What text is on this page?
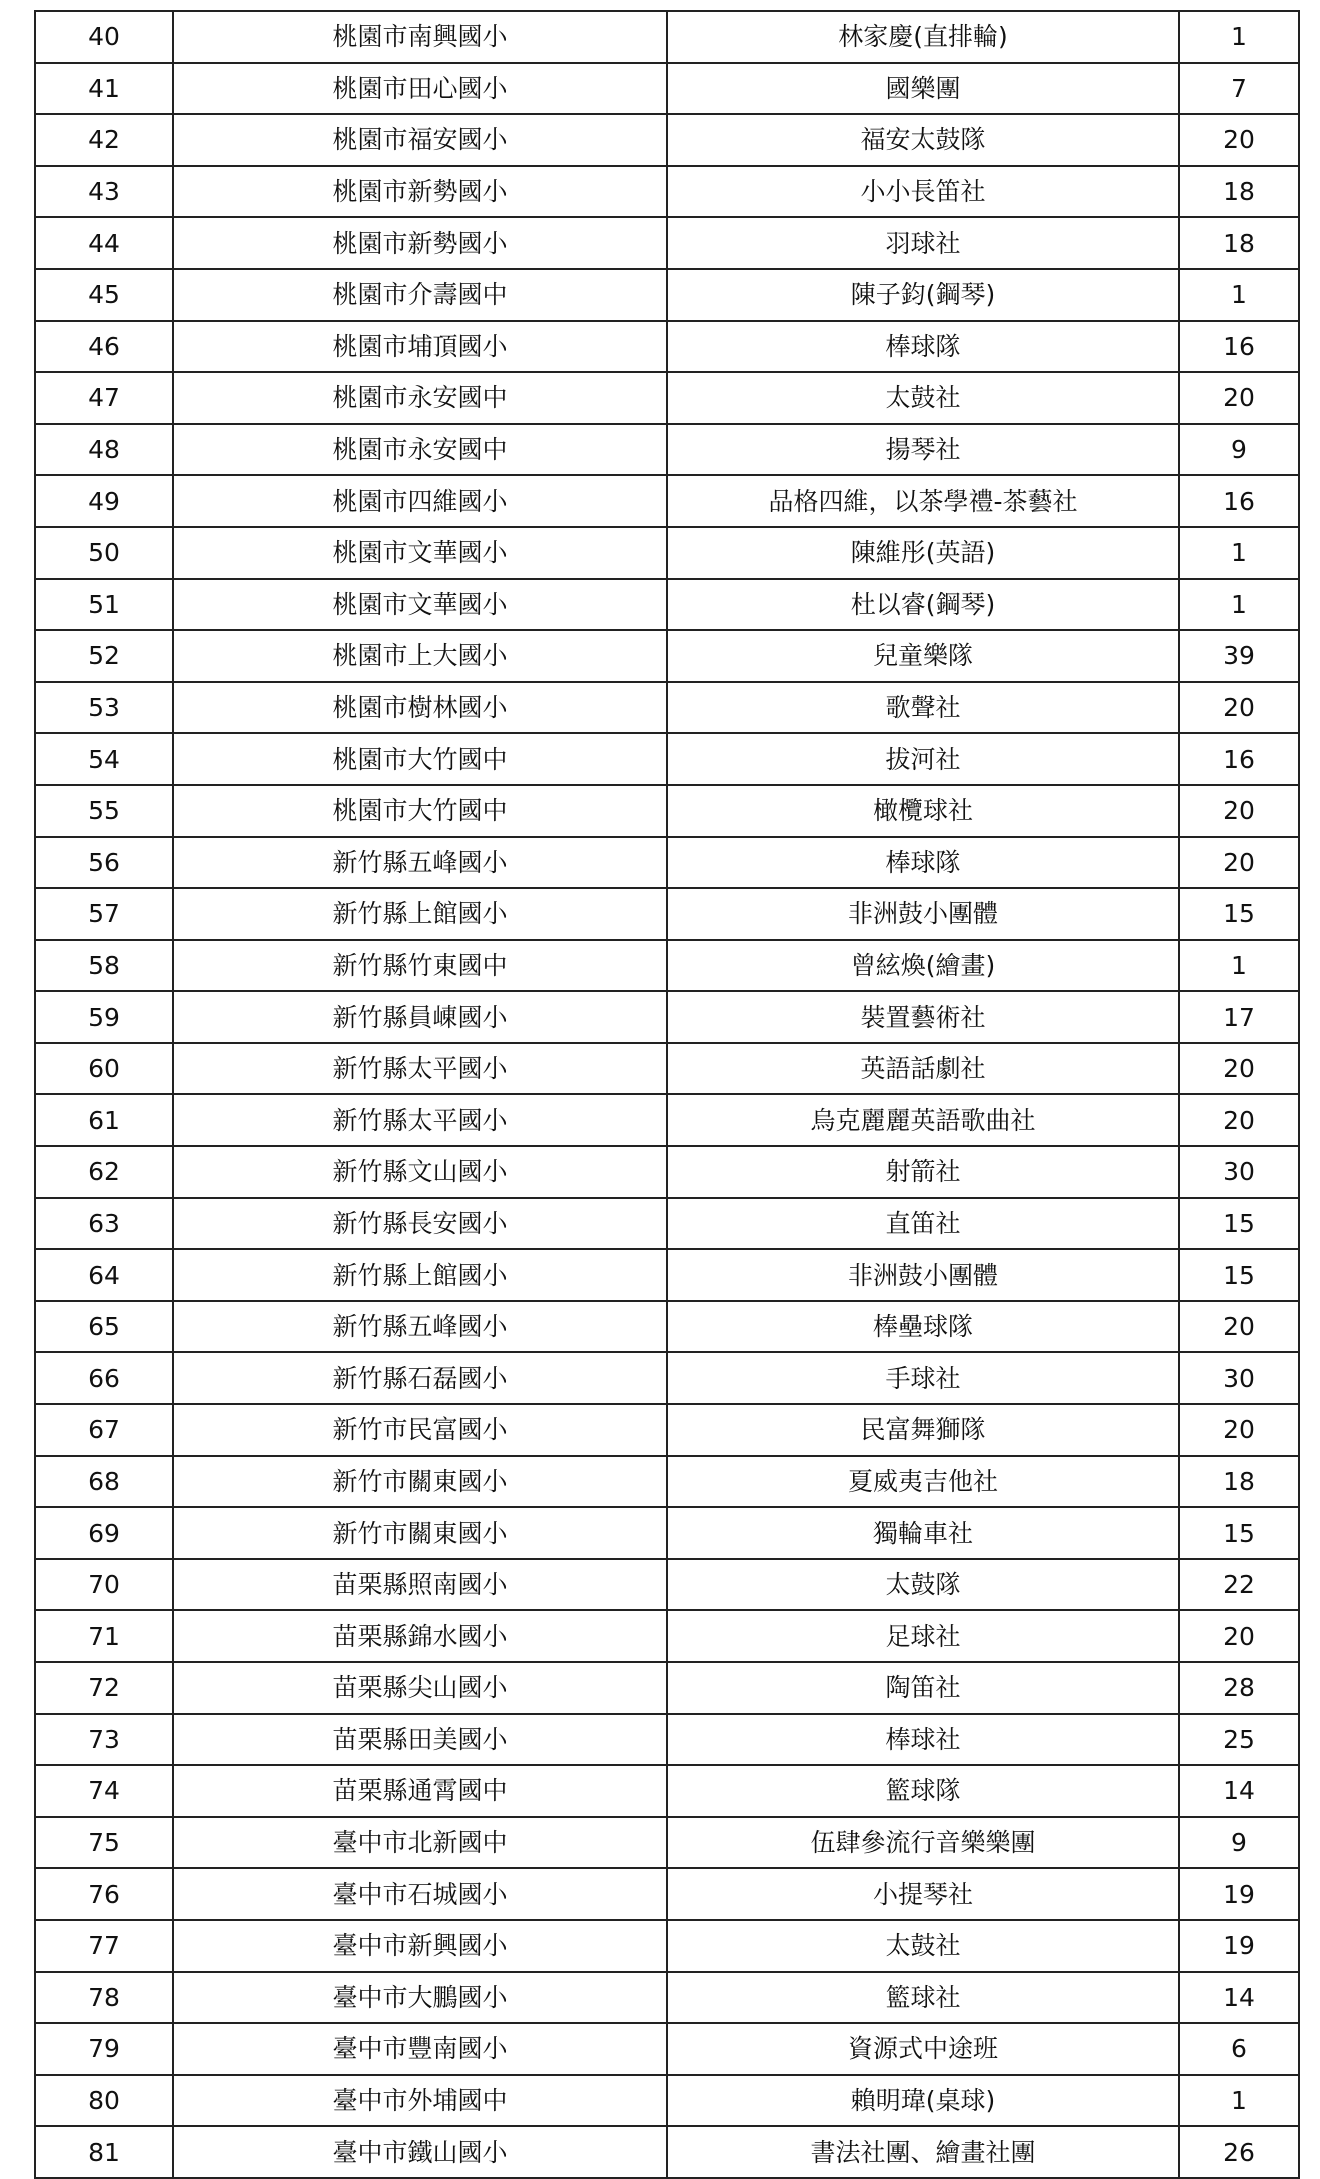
40	桃園市南興國小	林家慶(直排輪)	1
41	桃園市田心國小	國樂團	7
42	桃園市福安國小	福安太鼓隊	20
43	桃園市新勢國小	小小長笛社	18
44	桃園市新勢國小	羽球社	18
45	桃園市介壽國中	陳子鈞(鋼琴)	1
46	桃園市埔頂國小	棒球隊	16
47	桃園市永安國中	太鼓社	20
48	桃園市永安國中	揚琴社	9
49	桃園市四維國小	品格四維，以茶學禮-茶藝社	16
50	桃園市文華國小	陳維彤(英語)	1
51	桃園市文華國小	杜以睿(鋼琴)	1
52	桃園市上大國小	兒童樂隊	39
53	桃園市樹林國小	歌聲社	20
54	桃園市大竹國中	拔河社	16
55	桃園市大竹國中	橄欖球社	20
56	新竹縣五峰國小	棒球隊	20
57	新竹縣上館國小	非洲鼓小團體	15
58	新竹縣竹東國中	曾絃煥(繪畫)	1
59	新竹縣員崠國小	裝置藝術社	17
60	新竹縣太平國小	英語話劇社	20
61	新竹縣太平國小	烏克麗麗英語歌曲社	20
62	新竹縣文山國小	射箭社	30
63	新竹縣長安國小	直笛社	15
64	新竹縣上館國小	非洲鼓小團體	15
65	新竹縣五峰國小	棒壘球隊	20
66	新竹縣石磊國小	手球社	30
67	新竹市民富國小	民富舞獅隊	20
68	新竹市關東國小	夏威夷吉他社	18
69	新竹市關東國小	獨輪車社	15
70	苗栗縣照南國小	太鼓隊	22
71	苗栗縣錦水國小	足球社	20
72	苗栗縣尖山國小	陶笛社	28
73	苗栗縣田美國小	棒球社	25
74	苗栗縣通霄國中	籃球隊	14
75	臺中市北新國中	伍肆參流行音樂樂團	9
76	臺中市石城國小	小提琴社	19
77	臺中市新興國小	太鼓社	19
78	臺中市大鵬國小	籃球社	14
79	臺中市豐南國小	資源式中途班	6
80	臺中市外埔國中	賴明瑋(桌球)	1
81	臺中市鐵山國小	書法社團、繪畫社團	26
